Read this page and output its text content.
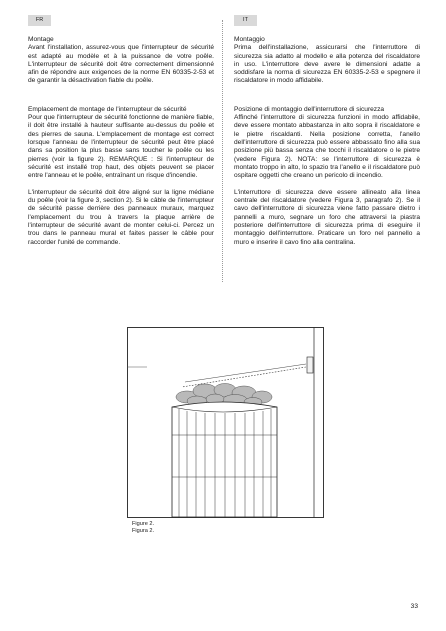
FR	IT

Montage

Avant l'installation, assurez-vous que l'interrupteur de sécurité est adapté au modèle et à la puissance de votre poêle. L'interrupteur de sécurité doit être correctement dimensionné afin de répondre aux exigences de la norme EN 60335-2-53 et de garantir la désactivation fiable du poêle.

Emplacement de montage de l'interrupteur de sécurité

Pour que l'interrupteur de sécurité fonctionne de manière fiable, il doit être installé à hauteur suffisante au-dessus du poêle et des pierres de sauna. L'emplacement de montage est correct lorsque l'anneau de l'interrupteur de sécurité peut être placé dans sa position la plus basse sans toucher le poêle ou les pierres (voir la figure 2). REMARQUE : Si l'interrupteur de sécurité est installé trop haut, des objets peuvent se placer entre l'anneau et le poêle, entraînant un risque d'incendie.

L'interrupteur de sécurité doit être aligné sur la ligne médiane du poêle (voir la figure 3, section 2). Si le câble de l'interrupteur de sécurité passe derrière des panneaux muraux, marquez l'emplacement du trou à travers la plaque arrière de l'interrupteur de sécurité avant de monter celui-ci. Percez un trou dans le panneau mural et faites passer le câble pour raccorder l'unité de commande.

Montaggio

Prima dell'installazione, assicurarsi che l'interruttore di sicurezza sia adatto al modello e alla potenza del riscaldatore in uso. L'interruttore deve avere le dimensioni adatte a soddisfare la norma di sicurezza EN 60335-2-53 e spegnere il riscaldatore in modo affidabile.

Posizione di montaggio dell'interruttore di sicurezza

Affinché l'interruttore di sicurezza funzioni in modo affidabile, deve essere montato abbastanza in alto sopra il riscaldatore e le pietre riscaldanti. Nella posizione corretta, l'anello dell'interruttore di sicurezza può essere abbassato fino alla sua posizione più bassa senza che tocchi il riscaldatore o le pietre (vedere Figura 2). NOTA: se l'interruttore di sicurezza è montato troppo in alto, lo spazio tra l'anello e il riscaldatore può ospitare oggetti che creano un pericolo di incendio.

L'interruttore di sicurezza deve essere allineato alla linea centrale del riscaldatore (vedere Figura 3, paragrafo 2). Se il cavo dell'interruttore di sicurezza viene fatto passare dietro i pannelli a muro, segnare un foro che attraversi la piastra posteriore dell'interruttore di sicurezza prima di eseguire il montaggio dell'interruttore. Praticare un foro nel pannello a muro e inserire il cavo fino alla centralina.

Figure 2.
Figura 2.
33
